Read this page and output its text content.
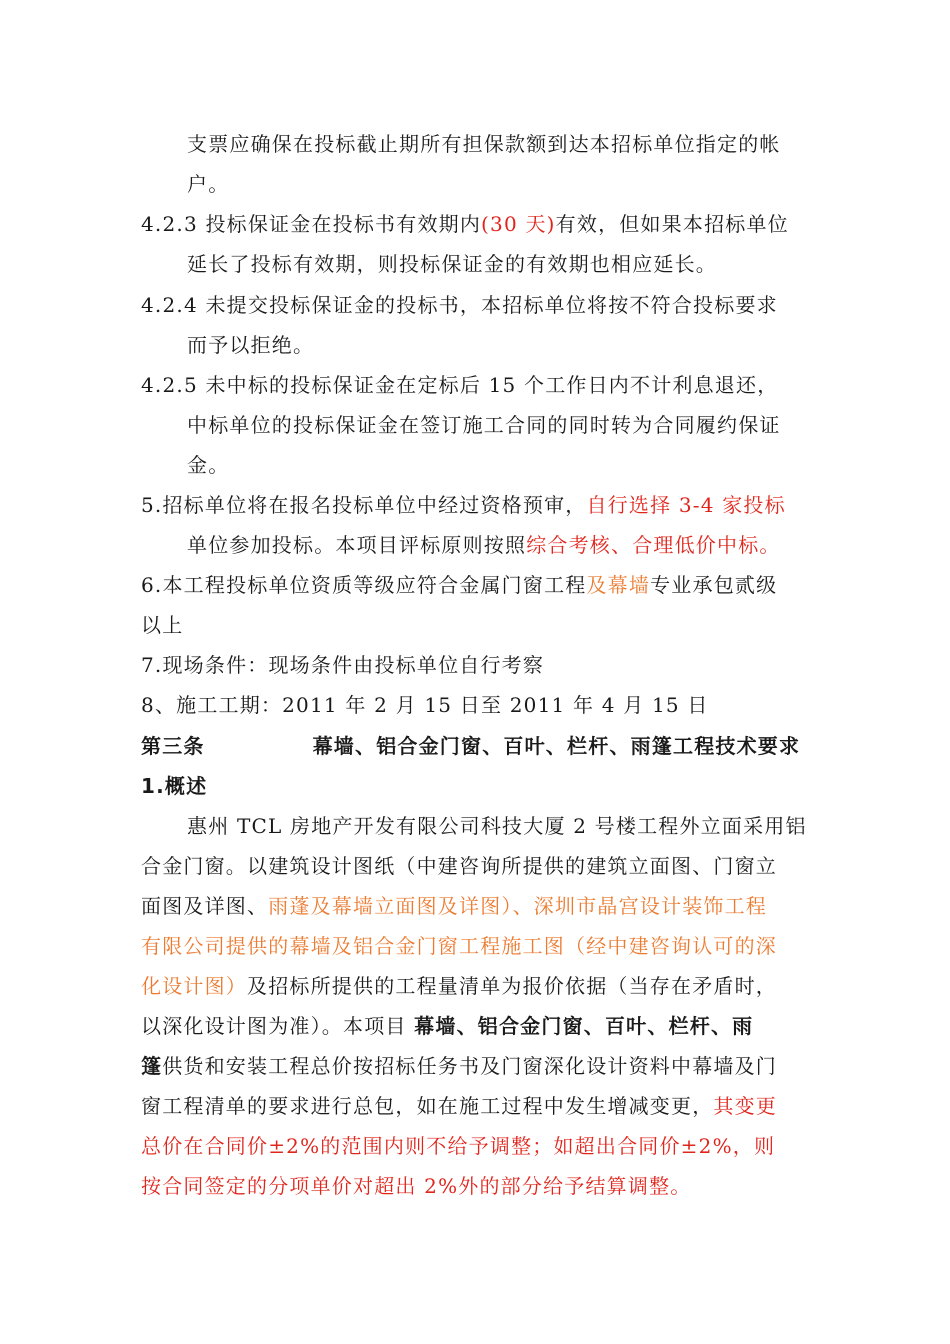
支票应确保在投标截止期所有担保款额到达本招标单位指定的帐
户。
4.2.3 投标保证金在投标书有效期内(30 天)有效，但如果本招标单位
延长了投标有效期，则投标保证金的有效期也相应延长。
4.2.4 未提交投标保证金的投标书，本招标单位将按不符合投标要求
而予以拒绝。
4.2.5 未中标的投标保证金在定标后 15 个工作日内不计利息退还，
中标单位的投标保证金在签订施工合同的同时转为合同履约保证
金。
5.招标单位将在报名投标单位中经过资格预审，自行选择 3-4 家投标
单位参加投标。本项目评标原则按照综合考核、合理低价中标。
6.本工程投标单位资质等级应符合金属门窗工程及幕墙专业承包贰级
以上
7.现场条件：现场条件由投标单位自行考察
8、施工工期：2011 年 2 月 15 日至 2011 年 4 月 15 日
第三条	幕墙、铝合金门窗、百叶、栏杆、雨篷工程技术要求
1.概述
惠州 TCL 房地产开发有限公司科技大厦 2 号楼工程外立面采用铝
合金门窗。以建筑设计图纸（中建咨询所提供的建筑立面图、门窗立
面图及详图、雨蓬及幕墙立面图及详图）、深圳市晶宫设计装饰工程
有限公司提供的幕墙及铝合金门窗工程施工图（经中建咨询认可的深
化设计图）及招标所提供的工程量清单为报价依据（当存在矛盾时，
以深化设计图为准）。本项目 幕墙、铝合金门窗、百叶、栏杆、雨
篷供货和安装工程总价按招标任务书及门窗深化设计资料中幕墙及门
窗工程清单的要求进行总包，如在施工过程中发生增减变更，其变更
总价在合同价±2%的范围内则不给予调整；如超出合同价±2%，则
按合同签定的分项单价对超出 2%外的部分给予结算调整。
